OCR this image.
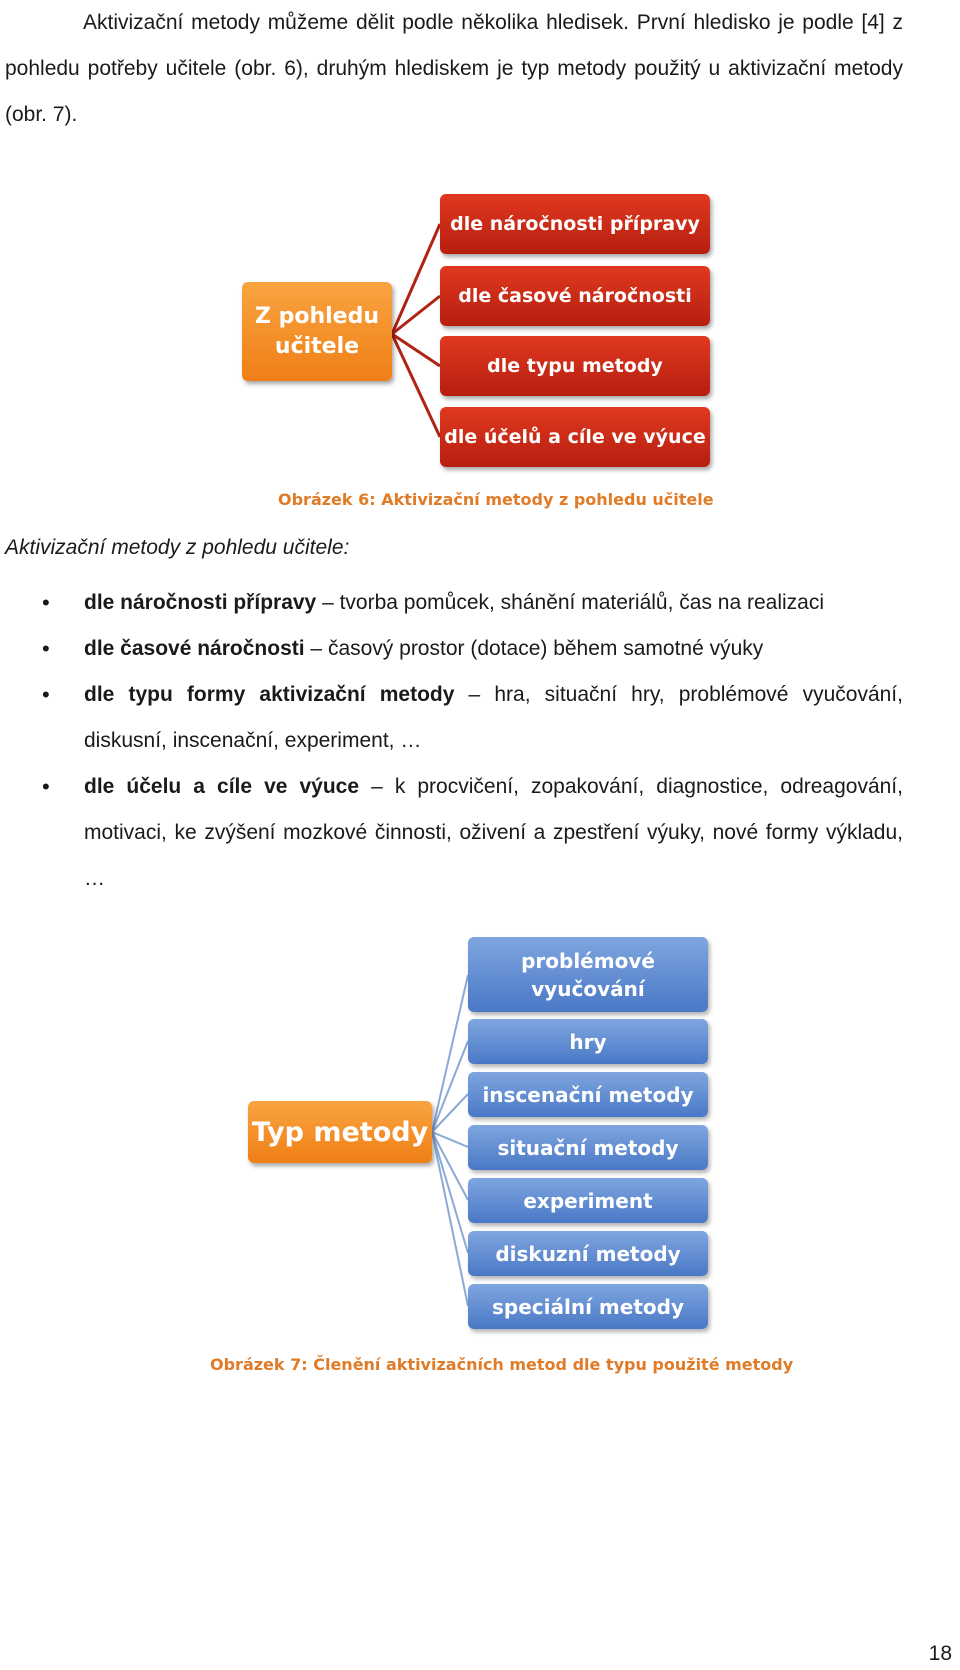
Aktivizační metody můžeme dělit podle několika hledisek. První hledisko je podle [4] z pohledu potřeby učitele (obr. 6), druhým hlediskem je typ metody použitý u aktivizační metody (obr. 7).
Z pohledu učitele
dle náročnosti přípravy
dle časové náročnosti
dle typu metody
dle účelů a cíle ve výuce
Obrázek 6: Aktivizační metody z pohledu učitele
Aktivizační metody z pohledu učitele:
• dle náročnosti přípravy – tvorba pomůcek, shánění materiálů, čas na realizaci
• dle časové náročnosti – časový prostor (dotace) během samotné výuky
• dle typu formy aktivizační metody – hra, situační hry, problémové vyučování, diskusní, inscenační, experiment, …
• dle účelu a cíle ve výuce – k procvičení, zopakování, diagnostice, odreagování, motivaci, ke zvýšení mozkové činnosti, oživení a zpestření výuky, nové formy výkladu, …
Typ metody
problémové vyučování
hry
inscenační metody
situační metody
experiment
diskuzní metody
speciální metody
Obrázek 7: Členění aktivizačních metod dle typu použité metody
18
